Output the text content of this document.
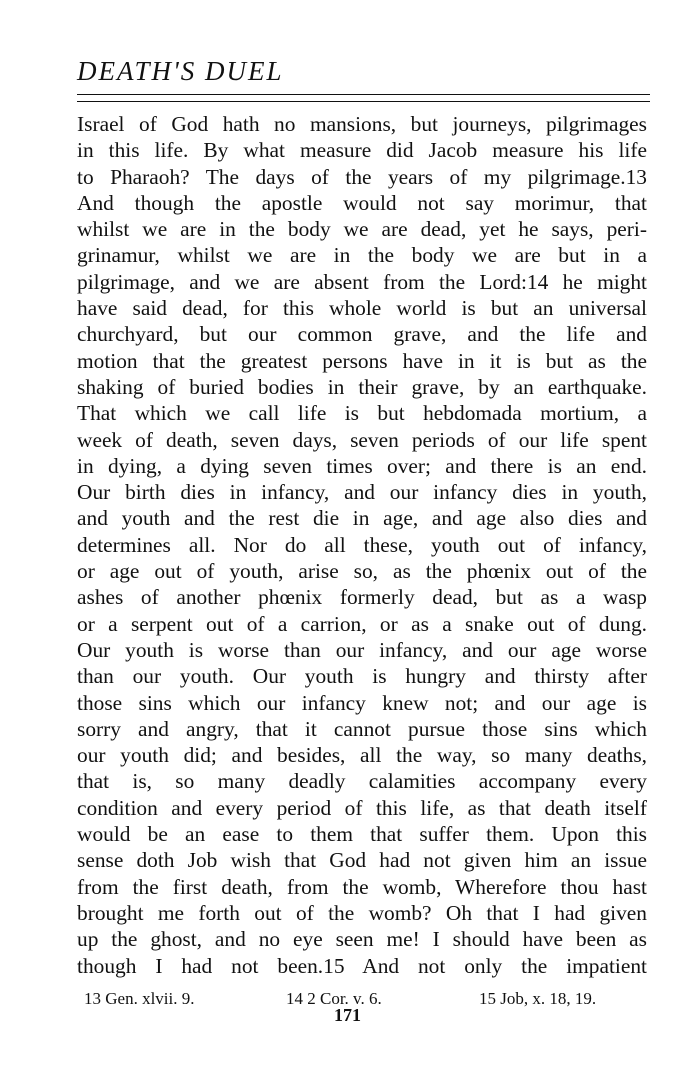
DEATH'S DUEL
Israel of God hath no mansions, but journeys, pilgrimages
in this life. By what measure did Jacob measure his life
to Pharaoh? The days of the years of my pilgrimage.13
And though the apostle would not say morimur, that
whilst we are in the body we are dead, yet he says, peri-
grinamur, whilst we are in the body we are but in a
pilgrimage, and we are absent from the Lord:14 he might
have said dead, for this whole world is but an universal
churchyard, but our common grave, and the life and
motion that the greatest persons have in it is but as the
shaking of buried bodies in their grave, by an earthquake.
That which we call life is but hebdomada mortium, a
week of death, seven days, seven periods of our life spent
in dying, a dying seven times over; and there is an end.
Our birth dies in infancy, and our infancy dies in youth,
and youth and the rest die in age, and age also dies and
determines all. Nor do all these, youth out of infancy,
or age out of youth, arise so, as the phœnix out of the
ashes of another phœnix formerly dead, but as a wasp
or a serpent out of a carrion, or as a snake out of dung.
Our youth is worse than our infancy, and our age worse
than our youth. Our youth is hungry and thirsty after
those sins which our infancy knew not; and our age is
sorry and angry, that it cannot pursue those sins which
our youth did; and besides, all the way, so many deaths,
that is, so many deadly calamities accompany every
condition and every period of this life, as that death itself
would be an ease to them that suffer them. Upon this
sense doth Job wish that God had not given him an issue
from the first death, from the womb, Wherefore thou hast
brought me forth out of the womb? Oh that I had given
up the ghost, and no eye seen me! I should have been as
though I had not been.15 And not only the impatient
13 Gen. xlvii. 9.	14 2 Cor. v. 6.	15 Job, x. 18, 19.
171
